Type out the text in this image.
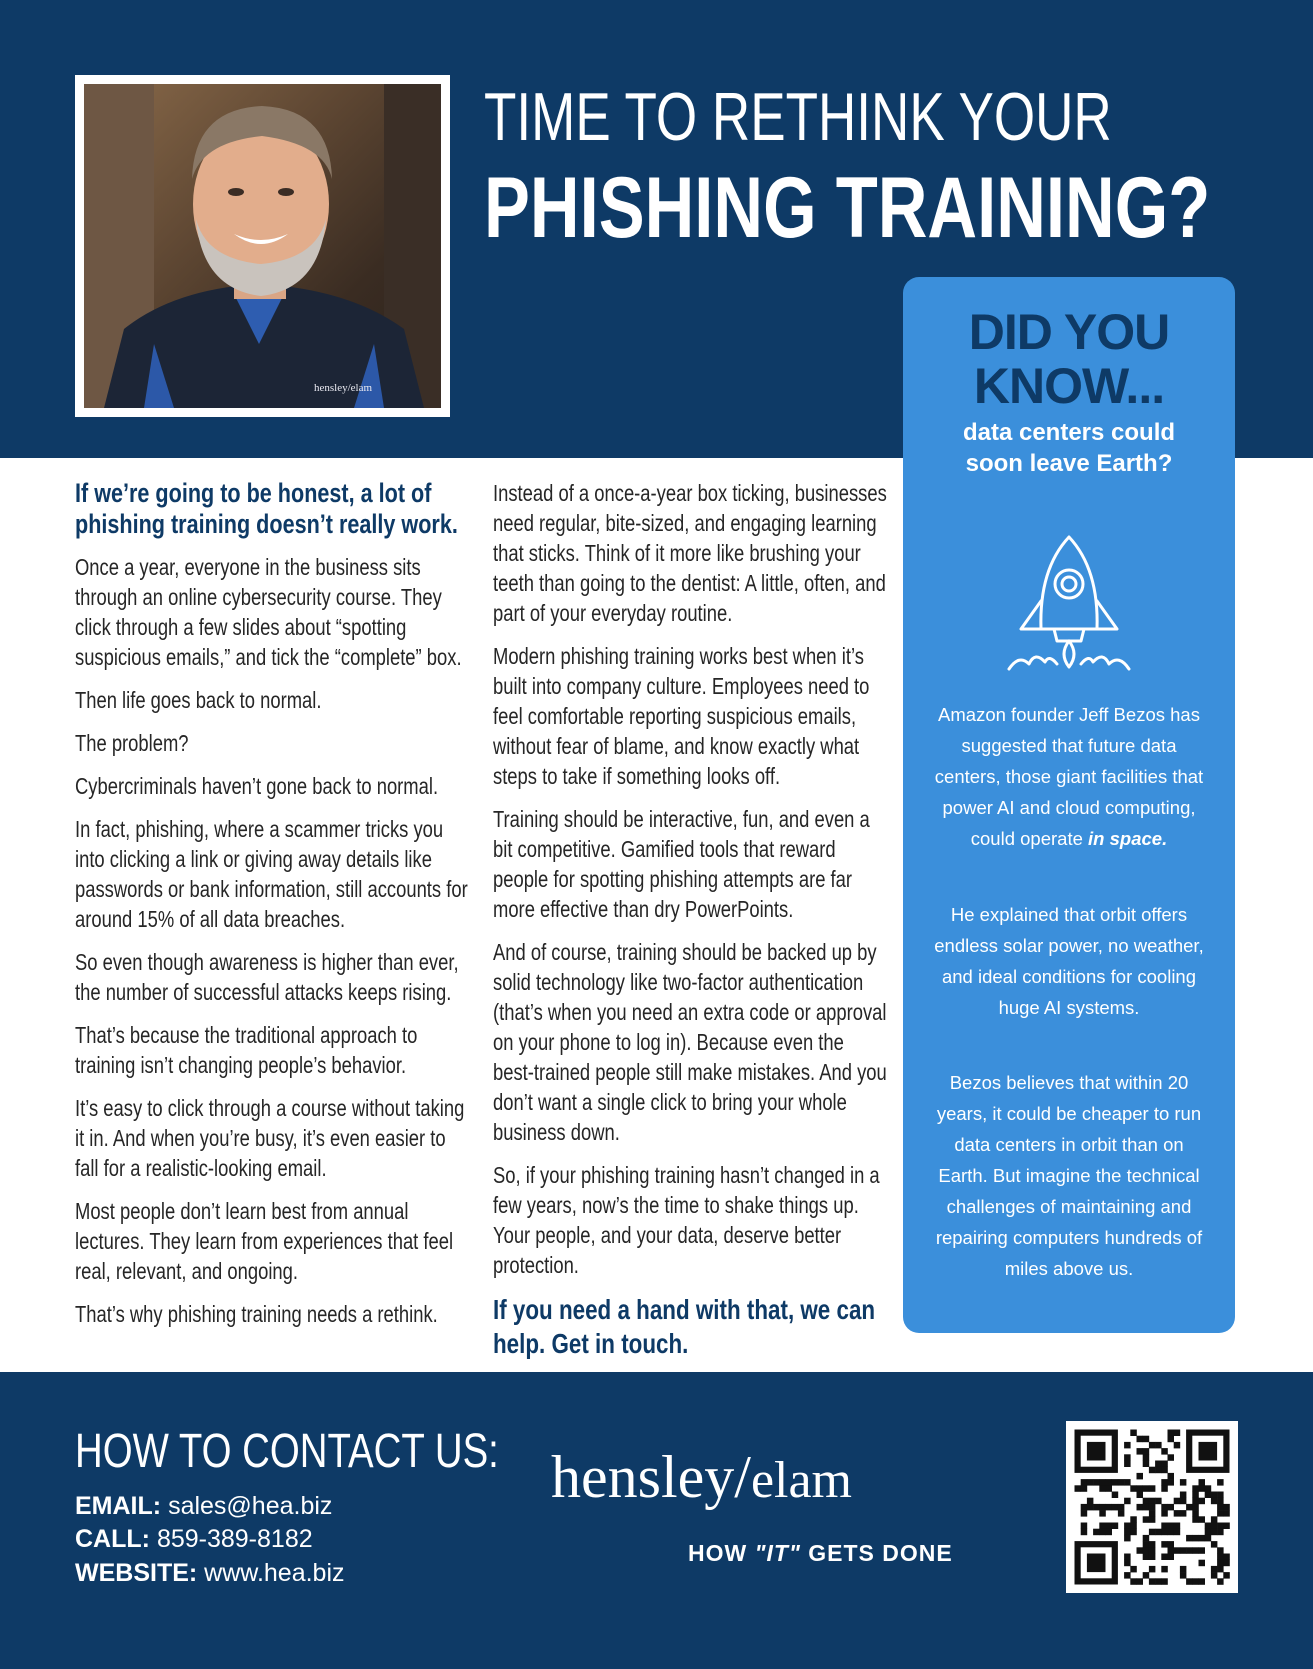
hensley/elam
TIME TO RETHINK YOUR
PHISHING TRAINING?
DID YOU KNOW...
data centers could soon leave Earth?
Amazon founder Jeff Bezos has suggested that future data centers, those giant facilities that power AI and cloud computing, could operate in space.
He explained that orbit offers endless solar power, no weather, and ideal conditions for cooling huge AI systems.
Bezos believes that within 20 years, it could be cheaper to run data centers in orbit than on Earth. But imagine the technical challenges of maintaining and repairing computers hundreds of miles above us.
If we’re going to be honest, a lot of phishing training doesn’t really work.
Once a year, everyone in the business sits through an online cybersecurity course. They click through a few slides about “spotting suspicious emails,” and tick the “complete” box.
Then life goes back to normal.
The problem?
Cybercriminals haven’t gone back to normal.
In fact, phishing, where a scammer tricks you into clicking a link or giving away details like passwords or bank information, still accounts for around 15% of all data breaches.
So even though awareness is higher than ever, the number of successful attacks keeps rising.
That’s because the traditional approach to training isn’t changing people’s behavior.
It’s easy to click through a course without taking it in. And when you’re busy, it’s even easier to fall for a realistic-looking email.
Most people don’t learn best from annual lectures. They learn from experiences that feel real, relevant, and ongoing.
That’s why phishing training needs a rethink.
Instead of a once-a-year box ticking, businesses need regular, bite-sized, and engaging learning that sticks. Think of it more like brushing your teeth than going to the dentist: A little, often, and part of your everyday routine.
Modern phishing training works best when it’s built into company culture. Employees need to feel comfortable reporting suspicious emails, without fear of blame, and know exactly what steps to take if something looks off.
Training should be interactive, fun, and even a bit competitive. Gamified tools that reward people for spotting phishing attempts are far more effective than dry PowerPoints.
And of course, training should be backed up by solid technology like two-factor authentication (that’s when you need an extra code or approval on your phone to log in). Because even the best-trained people still make mistakes. And you don’t want a single click to bring your whole business down.
So, if your phishing training hasn’t changed in a few years, now’s the time to shake things up. Your people, and your data, deserve better protection.
If you need a hand with that, we can help. Get in touch.
HOW TO CONTACT US:
EMAIL: sales@hea.biz
CALL: 859-389-8182
WEBSITE: www.hea.biz
hensley/elam
HOW "IT" GETS DONE
